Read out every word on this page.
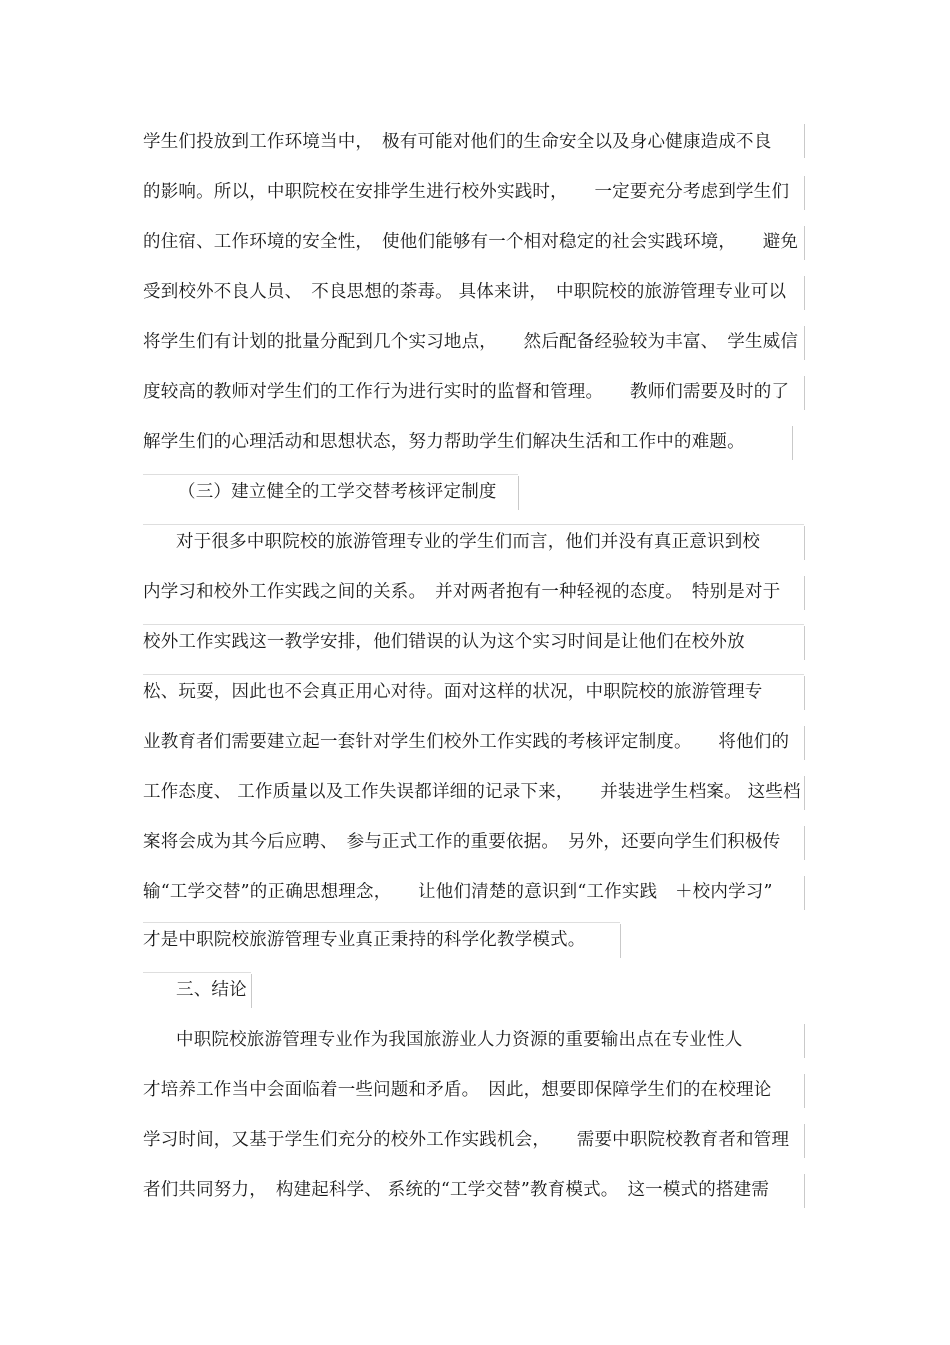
学生们投放到工作环境当中，　极有可能对他们的生命安全以及身心健康造成不良
的影响。所以，中职院校在安排学生进行校外实践时，　　一定要充分考虑到学生们
的住宿、工作环境的安全性，　使他们能够有一个相对稳定的社会实践环境，　　避免
受到校外不良人员、　不良思想的荼毒。 具体来讲，　中职院校的旅游管理专业可以
将学生们有计划的批量分配到几个实习地点，　　然后配备经验较为丰富、　学生威信
度较高的教师对学生们的工作行为进行实时的监督和管理。　　教师们需要及时的了
解学生们的心理活动和思想状态，努力帮助学生们解决生活和工作中的难题。
（三）建立健全的工学交替考核评定制度
对于很多中职院校的旅游管理专业的学生们而言，他们并没有真正意识到校
内学习和校外工作实践之间的关系。　并对两者抱有一种轻视的态度。　特别是对于
校外工作实践这一教学安排，他们错误的认为这个实习时间是让他们在校外放
松、玩耍，因此也不会真正用心对待。面对这样的状况，中职院校的旅游管理专
业教育者们需要建立起一套针对学生们校外工作实践的考核评定制度。　　将他们的
工作态度、 工作质量以及工作失误都详细的记录下来，　　并装进学生档案。 这些档
案将会成为其今后应聘、　参与正式工作的重要依据。　另外，还要向学生们积极传
输“工学交替”的正确思想理念，　　让他们清楚的意识到“工作实践　＋校内学习”
才是中职院校旅游管理专业真正秉持的科学化教学模式。
三、结论
中职院校旅游管理专业作为我国旅游业人力资源的重要输出点在专业性人
才培养工作当中会面临着一些问题和矛盾。　因此，想要即保障学生们的在校理论
学习时间，又基于学生们充分的校外工作实践机会，　　需要中职院校教育者和管理
者们共同努力，　构建起科学、 系统的“工学交替”教育模式。　这一模式的搭建需
